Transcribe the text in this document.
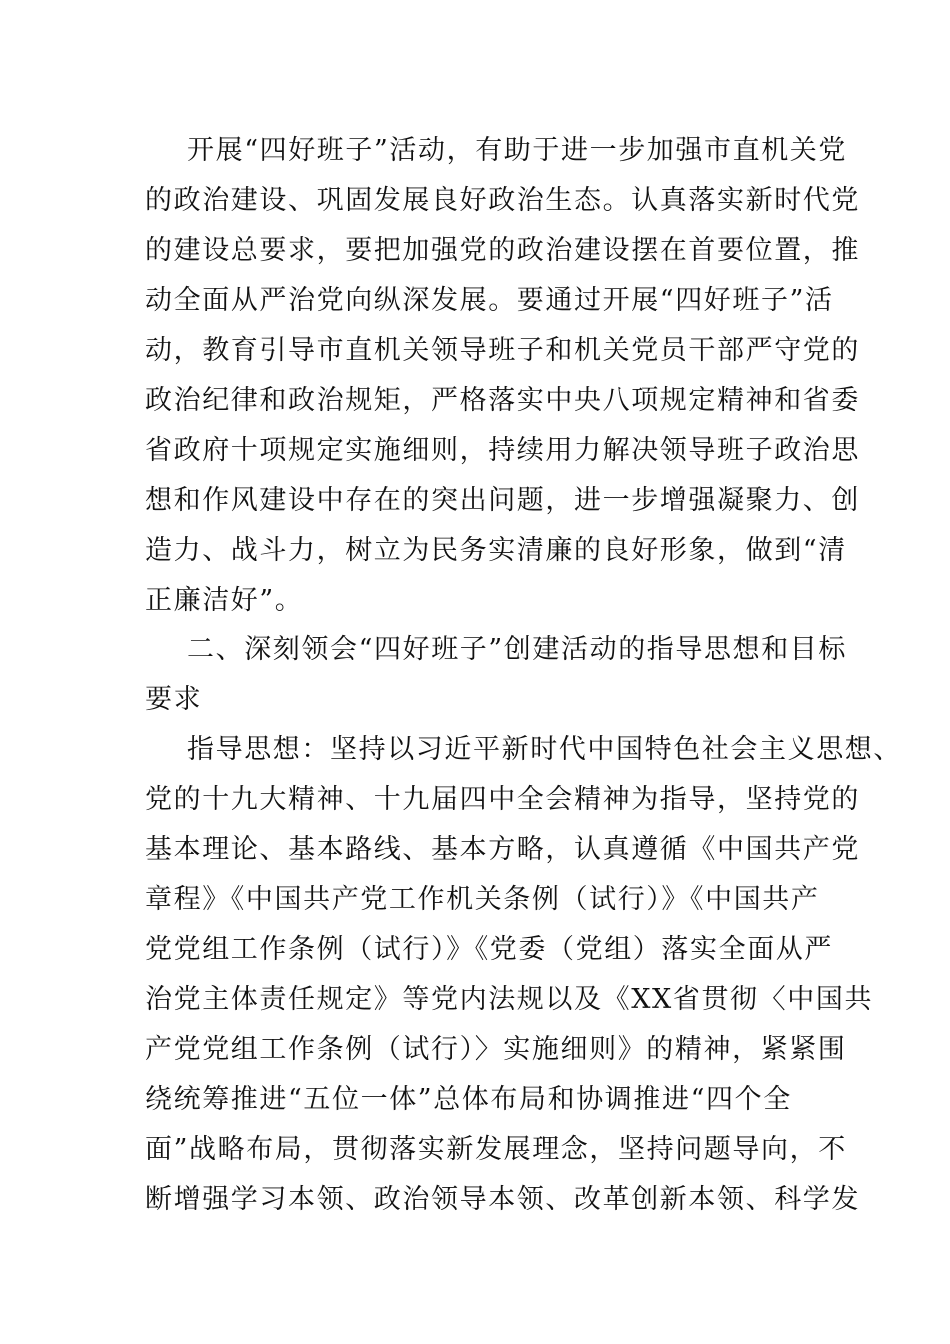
开展“四好班子”活动，有助于进一步加强市直机关党
的政治建设、巩固发展良好政治生态。认真落实新时代党
的建设总要求，要把加强党的政治建设摆在首要位置，推
动全面从严治党向纵深发展。要通过开展“四好班子”活
动，教育引导市直机关领导班子和机关党员干部严守党的
政治纪律和政治规矩，严格落实中央八项规定精神和省委
省政府十项规定实施细则，持续用力解决领导班子政治思
想和作风建设中存在的突出问题，进一步增强凝聚力、创
造力、战斗力，树立为民务实清廉的良好形象，做到“清
正廉洁好”。
二、深刻领会“四好班子”创建活动的指导思想和目标
要求
指导思想：坚持以习近平新时代中国特色社会主义思想、
党的十九大精神、十九届四中全会精神为指导，坚持党的
基本理论、基本路线、基本方略，认真遵循《中国共产党
章程》《中国共产党工作机关条例（试行）》《中国共产
党党组工作条例（试行）》《党委（党组）落实全面从严
治党主体责任规定》等党内法规以及《XX省贯彻〈中国共
产党党组工作条例（试行）〉实施细则》的精神，紧紧围
绕统筹推进“五位一体”总体布局和协调推进“四个全
面”战略布局，贯彻落实新发展理念，坚持问题导向，不
断增强学习本领、政治领导本领、改革创新本领、科学发
